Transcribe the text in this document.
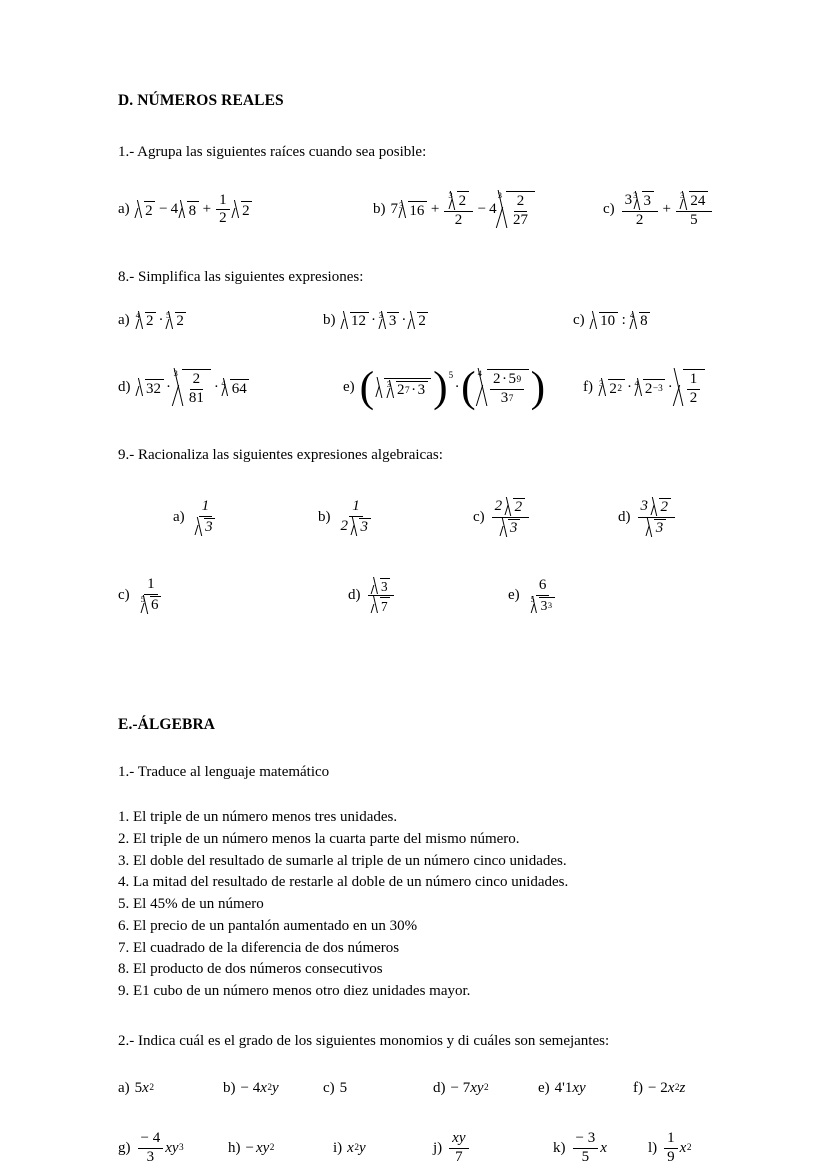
D. NÚMEROS REALES

1.- Agrupa las siguientes raíces cuando sea posible:

a) 2 − 4 $8 + \frac{1}{2} 2$	b) 7 3 $16 + \frac{3 2}{2} - 4$
$3 \frac{2}{27}$	$c) \frac{3 3 3}{2} + \frac{3 24}{5}$

8.- Simplifica las siguientes expresiones:

a) 4 2 · 5 2	b) 12 · 3 3 · 2	c) 10 : 4 8
d) 32 ·
$3 \frac{2}{81} \cdot 4$ 64	e) ( 3 2 7 · 3 ) 5
· ( $4 \frac{2 \cdot 5 9}{3 7}$ )	f) 3 2 2 · 4 $2 -3 \cdot \frac{1}{2}$

9.- Racionaliza las siguientes expresiones algebraicas:

$a) \frac{1}{3}$	$b) \frac{1}{2 3}$	$c) \frac{2 2}{3}$	$d) \frac{3 2}{3}$
$c) \frac{1}{5 6}$	$d) \frac{3}{7}$	$e) \frac{6}{5 3 3}$
E.-ÁLGEBRA

1.- Traduce al lenguaje matemático

1. El triple de un número menos tres unidades.
2. El triple de un número menos la cuarta parte del mismo número.
3. El doble del resultado de sumarle al triple de un número cinco unidades.
4. La mitad del resultado de restarle al doble de un número cinco unidades.
5. El 45% de un número
6. El precio de un pantalón aumentado en un 30%
7. El cuadrado de la diferencia de dos números
8. El producto de dos números consecutivos
9. E1 cubo de un número menos otro diez unidades mayor.

2.- Indica cuál es el grado de los siguientes monomios y di cuáles son semejantes:

a) 5 x 2	b) − 4 x 2 y	c) 5	d) − 7 xy 2	e) 4'1 xy	f) − 2 x 2 z
$g) \frac{- 4}{3}$ xy 3	h) − xy 2	i) x 2 y	$j) \frac{xy}{7}$	$k) \frac{- 3}{5}$ x	$l) \frac{1}{9}$ x 2
